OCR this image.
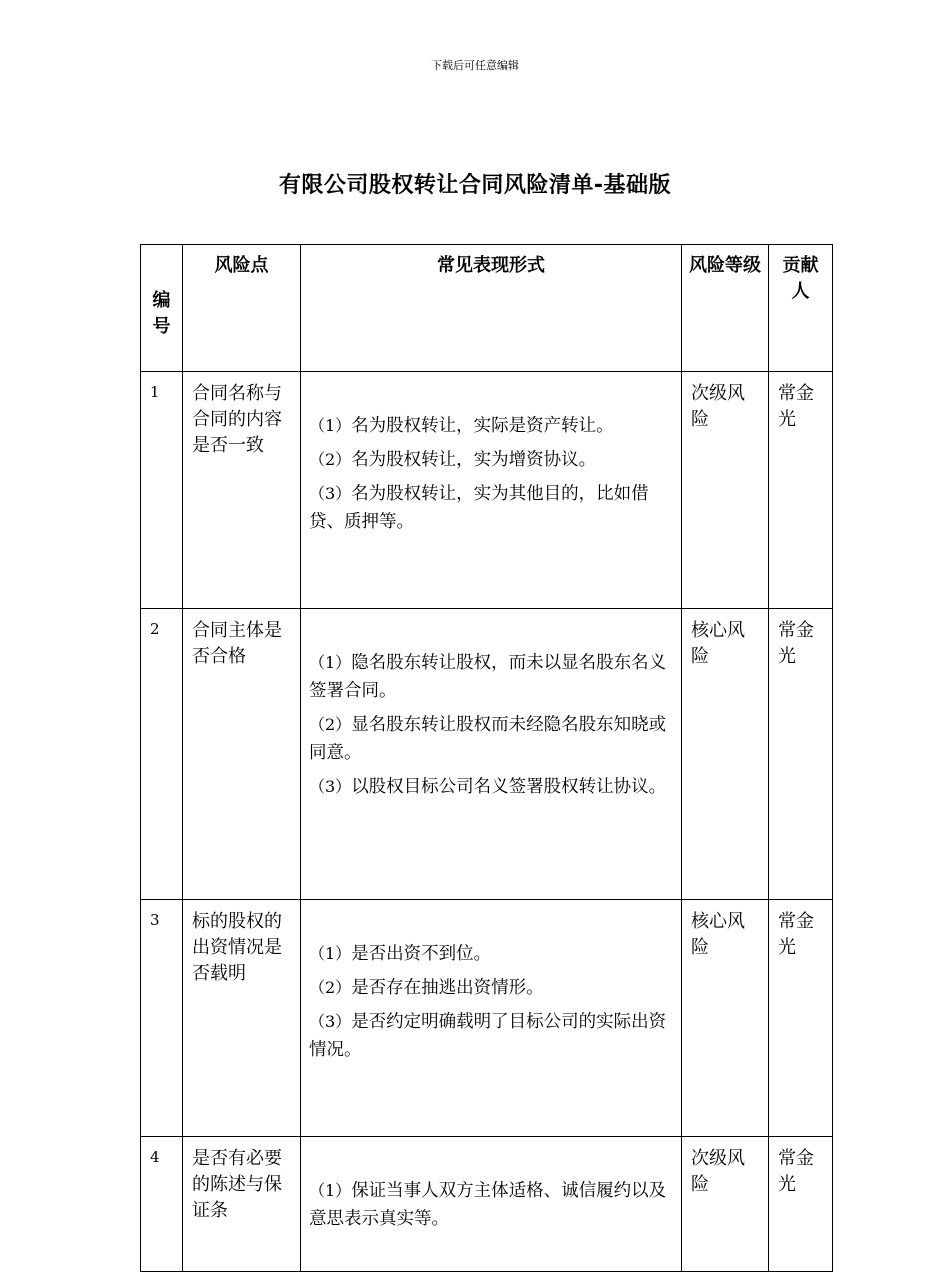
下载后可任意编辑
有限公司股权转让合同风险清单-基础版
编号	风险点	常见表现形式	风险等级	贡献人

1	合同名称与合同的内容是否一致	（1）名为股权转让，实际是资产转让。

（2）名为股权转让，实为增资协议。

（3）名为股权转让，实为其他目的，比如借贷、质押等。	次级风险	常金光
2	合同主体是否合格	（1）隐名股东转让股权，而未以显名股东名义签署合同。

（2）显名股东转让股权而未经隐名股东知晓或同意。

（3）以股权目标公司名义签署股权转让协议。	核心风险	常金光
3	标的股权的出资情况是否载明	（1）是否出资不到位。

（2）是否存在抽逃出资情形。

（3）是否约定明确载明了目标公司的实际出资情况。	核心风险	常金光
4	是否有必要的陈述与保证条	（1）保证当事人双方主体适格、诚信履约以及意思表示真实等。	次级风险	常金光
